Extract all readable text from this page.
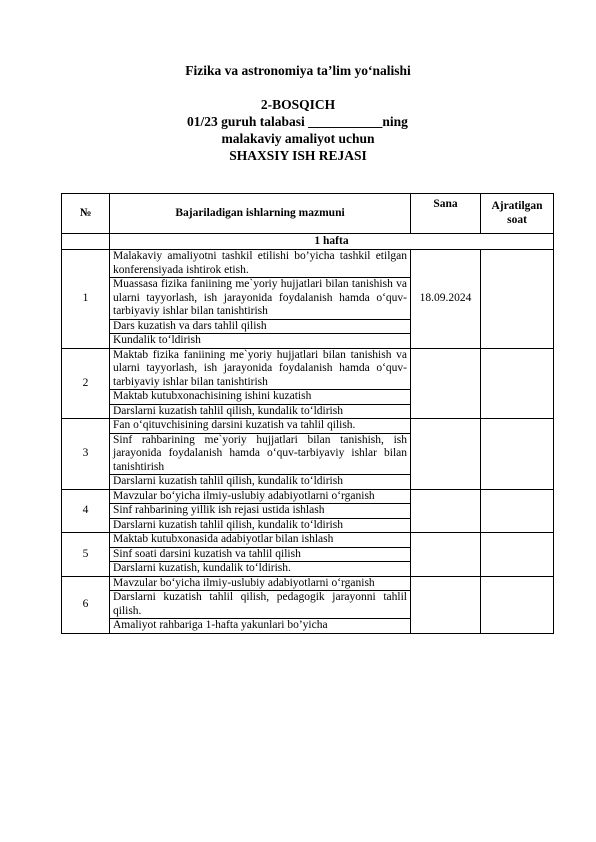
Fizika va astronomiya ta’lim yo‘nalishi
2-BOSQICH
01/23 guruh talabasi ___________ning
malakaviy amaliyot uchun
SHAXSIY ISH REJASI
№	Bajariladigan ishlarning mazmuni	Sana	Ajratilgan soat
	1 hafta		
1	Malakaviy amaliyotni tashkil etilishi bo’yicha tashkil etilgan konferensiyada ishtirok etish.	18.09.2024	
	Muassasa fizika faniining me`yoriy hujjatlari bilan tanishish va ularni tayyorlash, ish jarayonida foydalanish hamda o‘quv-tarbiyaviy ishlar bilan tanishtirish		
	Dars kuzatish va dars tahlil qilish		
	Kundalik to‘ldirish		
2	Maktab fizika faniining me`yoriy hujjatlari bilan tanishish va ularni tayyorlash, ish jarayonida foydalanish hamda o‘quv-tarbiyaviy ishlar bilan tanishtirish		
	Maktab kutubxonachisining ishini kuzatish		
	Darslarni kuzatish tahlil qilish, kundalik to‘ldirish		
3	Fan o‘qituvchisining darsini kuzatish va tahlil qilish.		
	Sinf rahbarining me`yoriy hujjatlari bilan tanishish, ish jarayonida foydalanish hamda o‘quv-tarbiyaviy ishlar bilan tanishtirish		
	Darslarni kuzatish tahlil qilish, kundalik to‘ldirish		
4	Mavzular bo‘yicha ilmiy-uslubiy adabiyotlarni o‘rganish		
	Sinf rahbarining yillik ish rejasi ustida ishlash		
	Darslarni kuzatish tahlil qilish, kundalik to‘ldirish		
5	Maktab kutubxonasida adabiyotlar bilan ishlash		
	Sinf soati darsini kuzatish va tahlil qilish		
	Darslarni kuzatish, kundalik to‘ldirish.		
6	Mavzular bo‘yicha ilmiy-uslubiy adabiyotlarni o‘rganish		
	Darslarni kuzatish tahlil qilish, pedagogik jarayonni tahlil qilish.		
	Amaliyot rahbariga 1-hafta yakunlari bo’yicha		
